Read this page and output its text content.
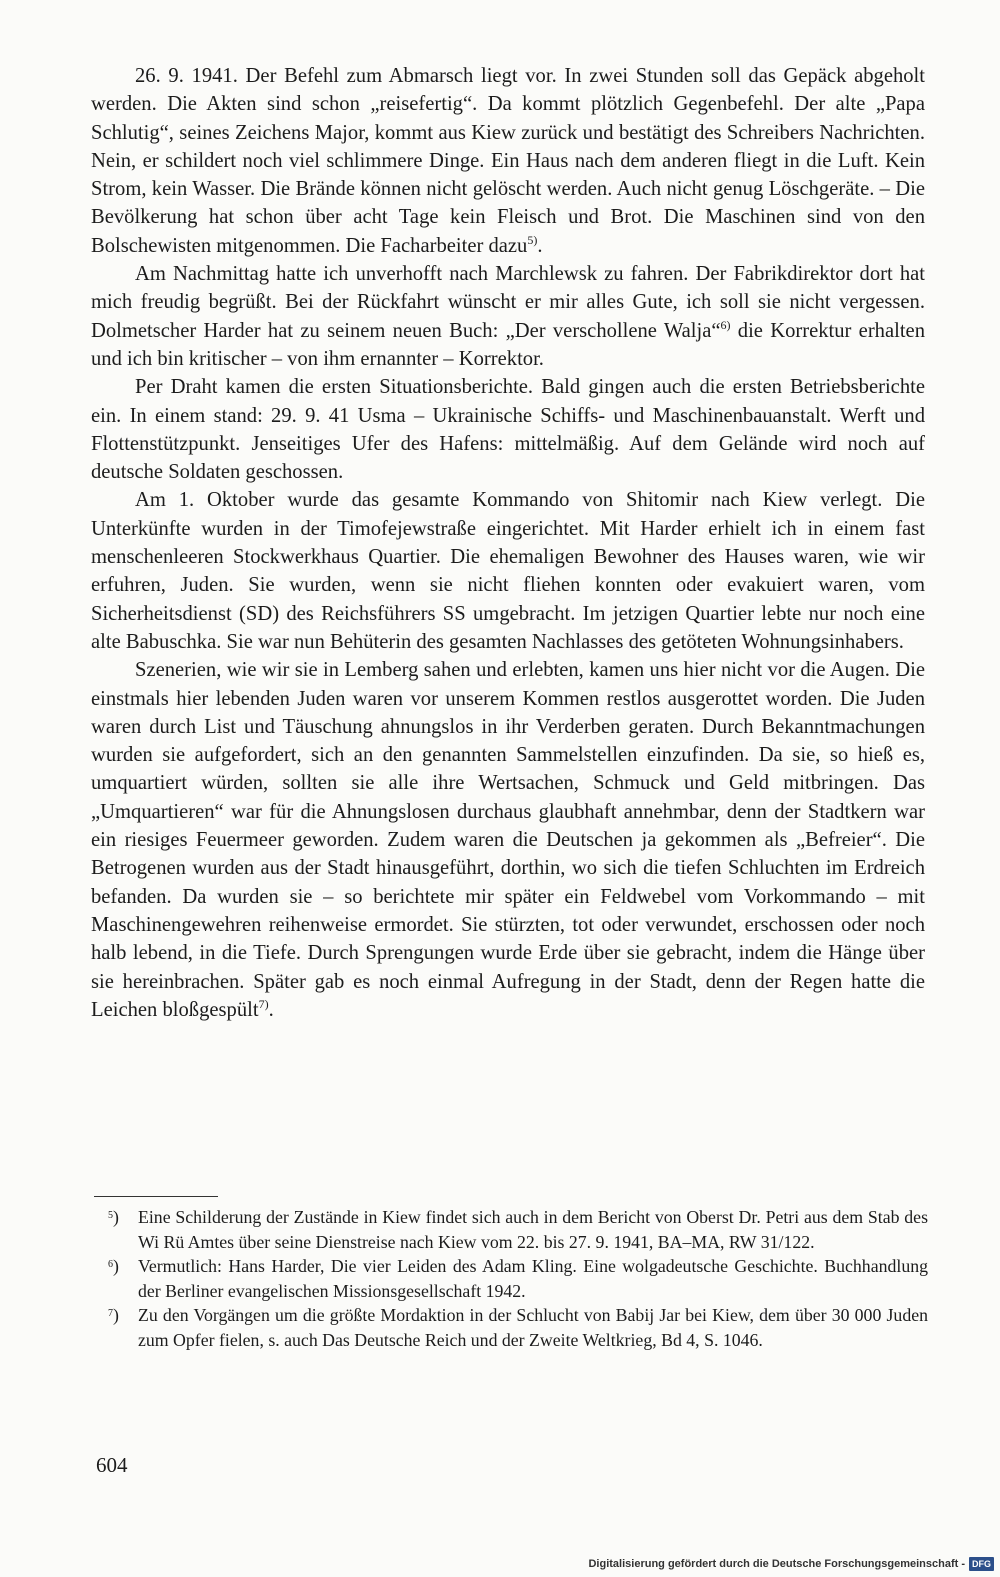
26. 9. 1941. Der Befehl zum Abmarsch liegt vor. In zwei Stunden soll das Gepäck abgeholt werden. Die Akten sind schon „reisefertig“. Da kommt plötzlich Gegenbefehl. Der alte „Papa Schlutig“, seines Zeichens Major, kommt aus Kiew zurück und bestätigt des Schreibers Nachrichten. Nein, er schildert noch viel schlimmere Dinge. Ein Haus nach dem anderen fliegt in die Luft. Kein Strom, kein Wasser. Die Brände können nicht gelöscht werden. Auch nicht genug Löschgeräte. – Die Bevölkerung hat schon über acht Tage kein Fleisch und Brot. Die Maschinen sind von den Bolschewisten mitgenommen. Die Facharbeiter dazu$^{5)}$.

Am Nachmittag hatte ich unverhofft nach Marchlewsk zu fahren. Der Fabrikdirektor dort hat mich freudig begrüßt. Bei der Rückfahrt wünscht er mir alles Gute, ich soll sie nicht vergessen. Dolmetscher Harder hat zu seinem neuen Buch: „Der verschollene Walja“$^{6)}$ die Korrektur erhalten und ich bin kritischer – von ihm ernannter – Korrektor.

Per Draht kamen die ersten Situationsberichte. Bald gingen auch die ersten Betriebsberichte ein. In einem stand: 29. 9. 41 Usma – Ukrainische Schiffs- und Maschinenbauanstalt. Werft und Flottenstützpunkt. Jenseitiges Ufer des Hafens: mittelmäßig. Auf dem Gelände wird noch auf deutsche Soldaten geschossen.

Am 1. Oktober wurde das gesamte Kommando von Shitomir nach Kiew verlegt. Die Unterkünfte wurden in der Timofejewstraße eingerichtet. Mit Harder erhielt ich in einem fast menschenleeren Stockwerkhaus Quartier. Die ehemaligen Bewohner des Hauses waren, wie wir erfuhren, Juden. Sie wurden, wenn sie nicht fliehen konnten oder evakuiert waren, vom Sicherheitsdienst (SD) des Reichsführers SS umgebracht. Im jetzigen Quartier lebte nur noch eine alte Babuschka. Sie war nun Behüterin des gesamten Nachlasses des getöteten Wohnungsinhabers.

Szenerien, wie wir sie in Lemberg sahen und erlebten, kamen uns hier nicht vor die Augen. Die einstmals hier lebenden Juden waren vor unserem Kommen restlos ausgerottet worden. Die Juden waren durch List und Täuschung ahnungslos in ihr Verderben geraten. Durch Bekanntmachungen wurden sie aufgefordert, sich an den genannten Sammelstellen einzufinden. Da sie, so hieß es, umquartiert würden, sollten sie alle ihre Wertsachen, Schmuck und Geld mitbringen. Das „Umquartieren“ war für die Ahnungslosen durchaus glaubhaft annehmbar, denn der Stadtkern war ein riesiges Feuermeer geworden. Zudem waren die Deutschen ja gekommen als „Befreier“. Die Betrogenen wurden aus der Stadt hinausgeführt, dorthin, wo sich die tiefen Schluchten im Erdreich befanden. Da wurden sie – so berichtete mir später ein Feldwebel vom Vorkommando – mit Maschinengewehren reihenweise ermordet. Sie stürzten, tot oder verwundet, erschossen oder noch halb lebend, in die Tiefe. Durch Sprengungen wurde Erde über sie gebracht, indem die Hänge über sie hereinbrachen. Später gab es noch einmal Aufregung in der Stadt, denn der Regen hatte die Leichen bloßgespült$^{7)}$.

$^5$) Eine Schilderung der Zustände in Kiew findet sich auch in dem Bericht von Oberst Dr. Petri aus dem Stab des Wi Rü Amtes über seine Dienstreise nach Kiew vom 22. bis 27. 9. 1941, BA–MA, RW 31/122.
$^6$) Vermutlich: Hans Harder, Die vier Leiden des Adam Kling. Eine wolgadeutsche Geschichte. Buchhandlung der Berliner evangelischen Missionsgesellschaft 1942.
$^7$) Zu den Vorgängen um die größte Mordaktion in der Schlucht von Babij Jar bei Kiew, dem über 30 000 Juden zum Opfer fielen, s. auch Das Deutsche Reich und der Zweite Weltkrieg, Bd 4, S. 1046.
604
Digitalisierung gefördert durch die Deutsche Forschungsgemeinschaft - DFG
